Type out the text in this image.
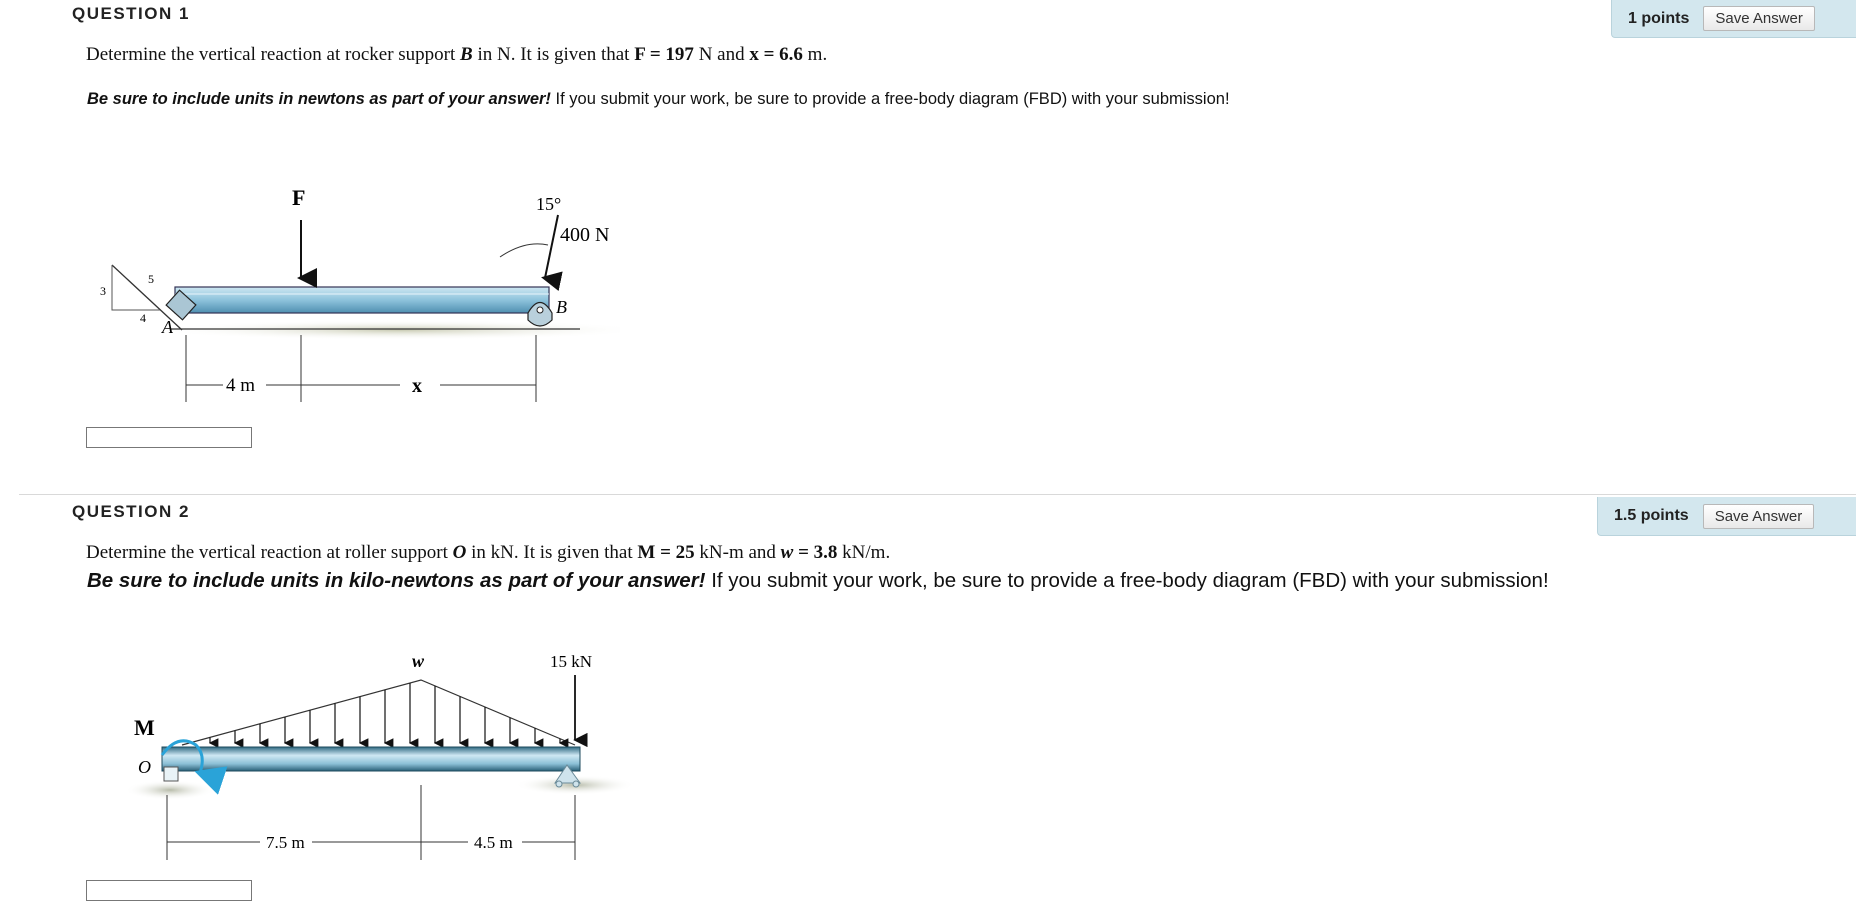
QUESTION 1	1 points	Save Answer
Determine the vertical reaction at rocker support B in N. It is given that F = 197 N and x = 6.6 m.
Be sure to include units in newtons as part of your answer! If you submit your work, be sure to provide a free-body diagram (FBD) with your submission!
5
3
4 A
B
F	15°
400 N
4 m	x
QUESTION 2	1.5 points	Save Answer
Determine the vertical reaction at roller support O in kN. It is given that M = 25 kN-m and w = 3.8 kN/m.
Be sure to include units in kilo-newtons as part of your answer! If you submit your work, be sure to provide a free-body diagram (FBD) with your submission!
M
O
w	15 kN
7.5 m	4.5 m
